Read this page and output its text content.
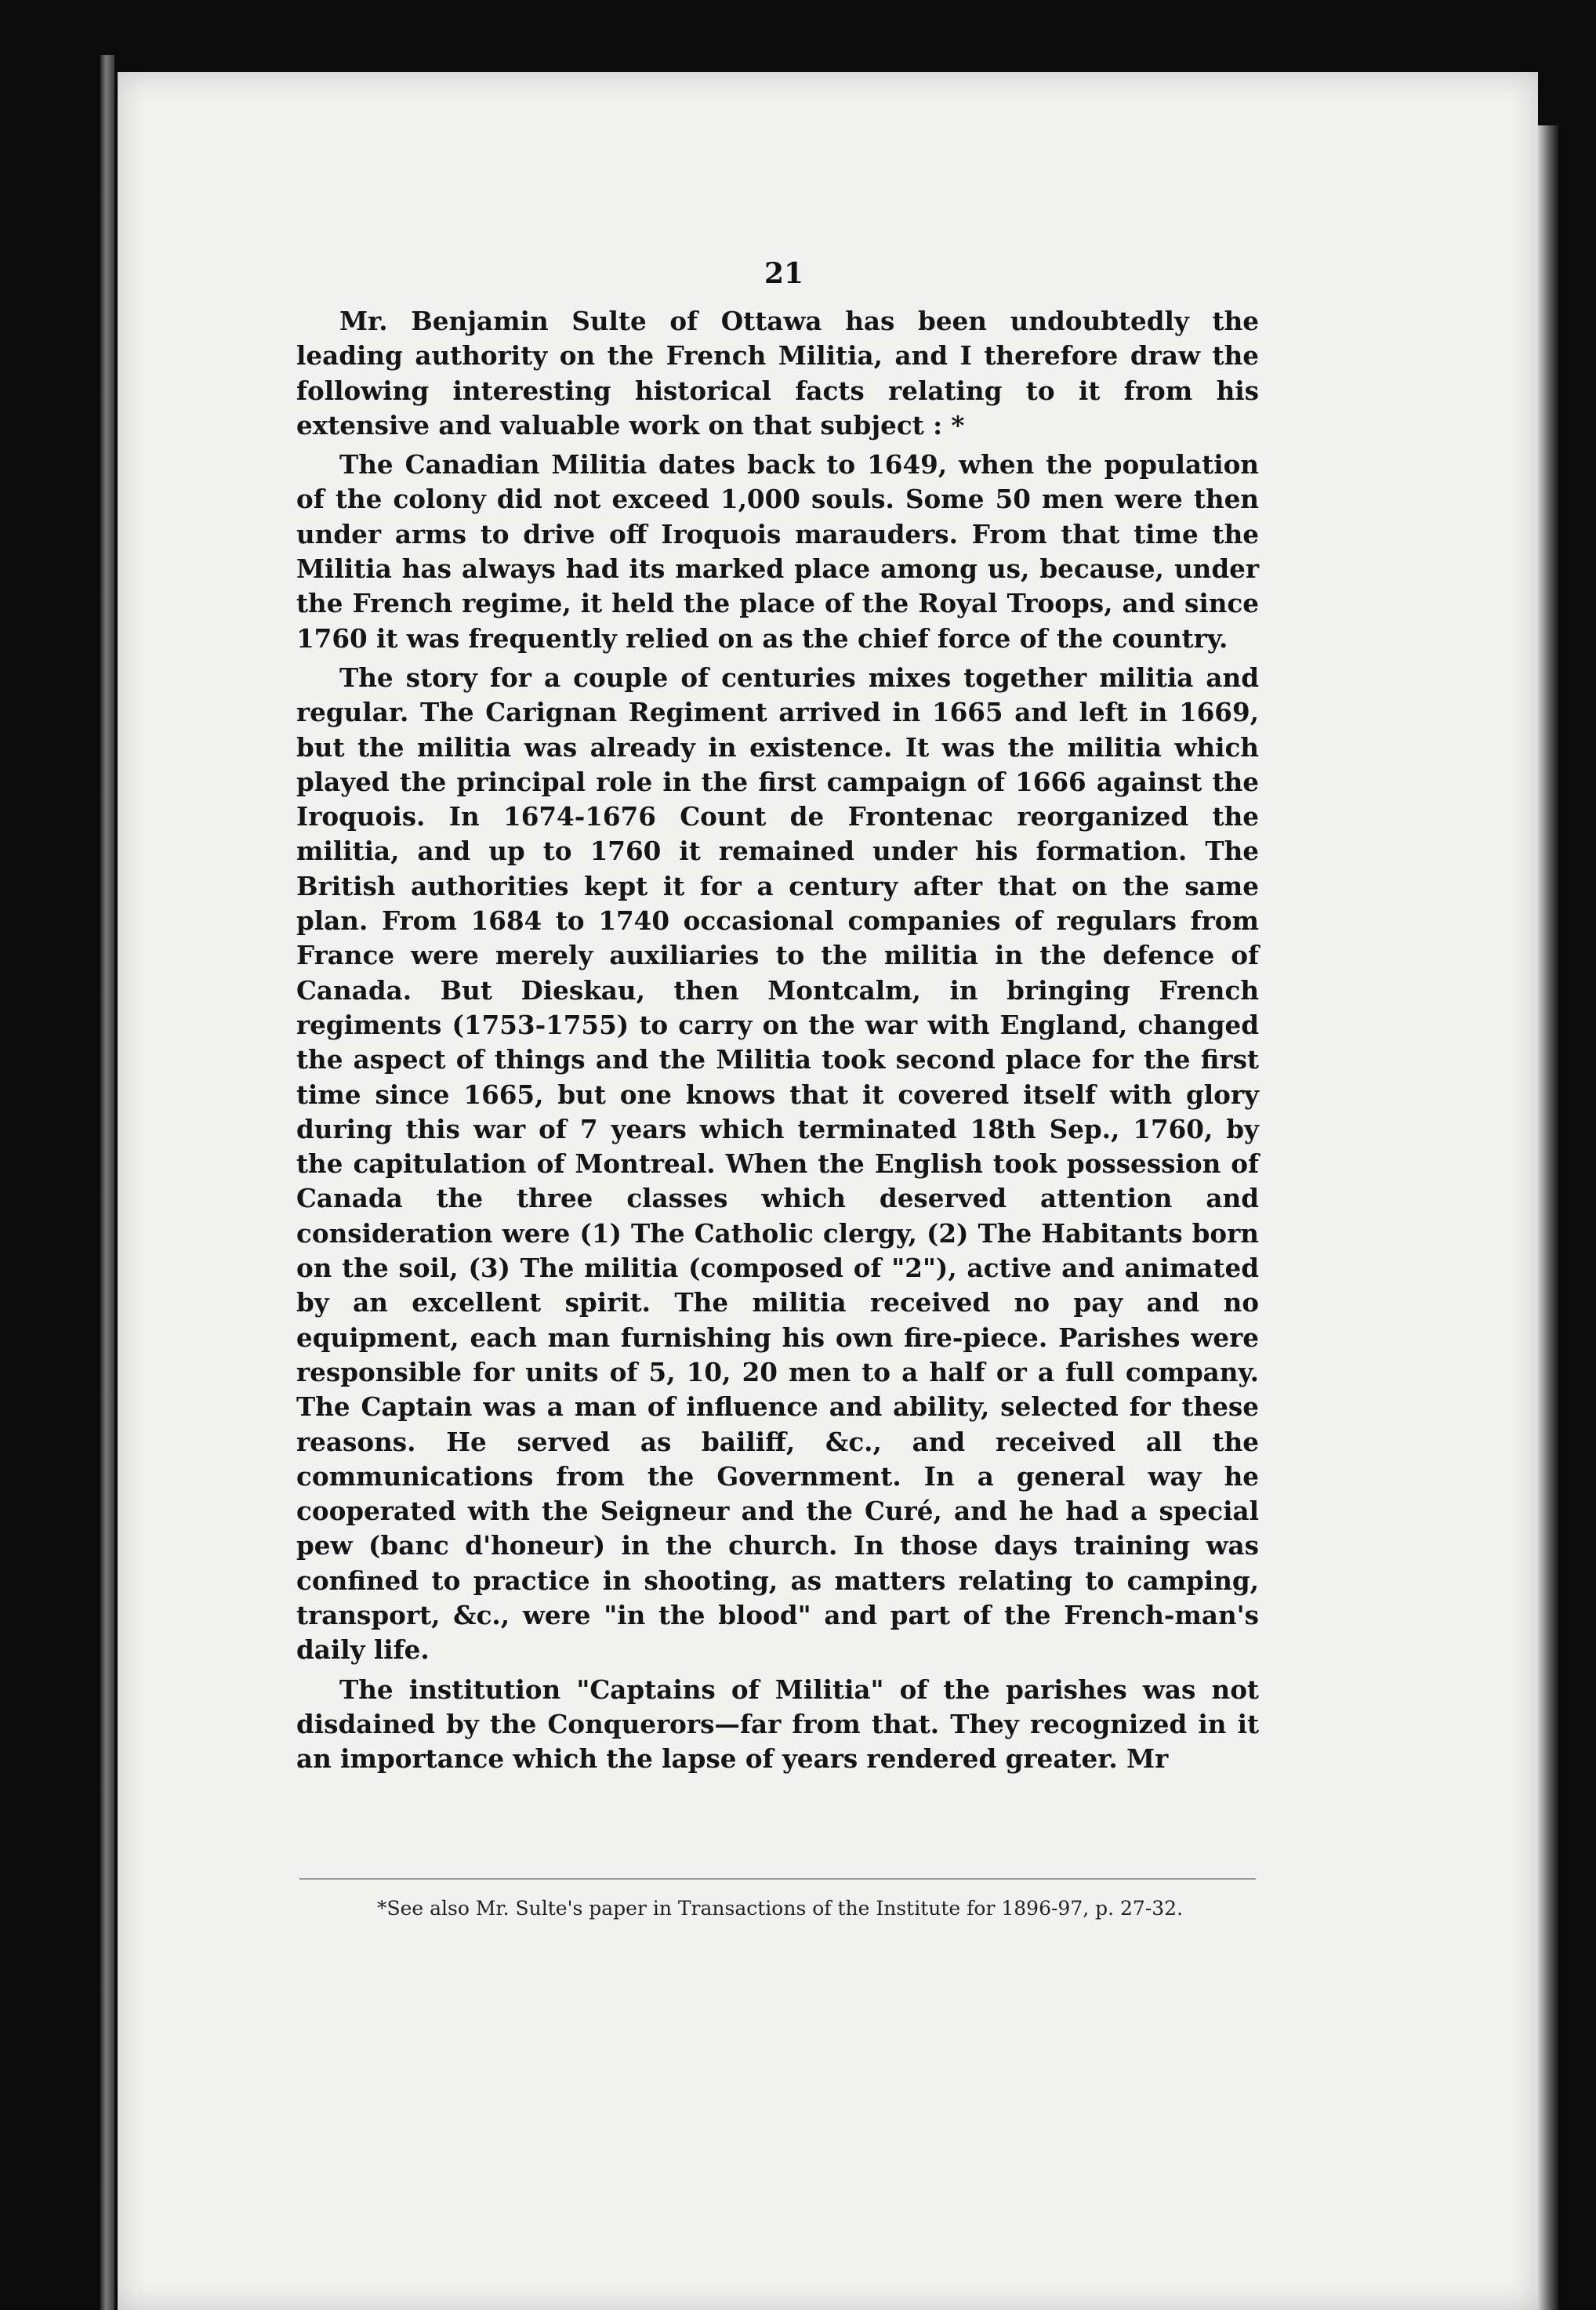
21

Mr. Benjamin Sulte of Ottawa has been undoubtedly the leading authority on the French Militia, and I therefore draw the following interesting historical facts relating to it from his extensive and valuable work on that subject : *

The Canadian Militia dates back to 1649, when the population of the colony did not exceed 1,000 souls. Some 50 men were then under arms to drive off Iroquois marauders. From that time the Militia has always had its marked place among us, because, under the French regime, it held the place of the Royal Troops, and since 1760 it was frequently relied on as the chief force of the country.

The story for a couple of centuries mixes together militia and regular. The Carignan Regiment arrived in 1665 and left in 1669, but the militia was already in existence. It was the militia which played the principal role in the first campaign of 1666 against the Iroquois. In 1674-1676 Count de Frontenac reorganized the militia, and up to 1760 it remained under his formation. The British authorities kept it for a century after that on the same plan. From 1684 to 1740 occasional companies of regulars from France were merely auxiliaries to the militia in the defence of Canada. But Dieskau, then Montcalm, in bringing French regiments (1753-1755) to carry on the war with England, changed the aspect of things and the Militia took second place for the first time since 1665, but one knows that it covered itself with glory during this war of 7 years which terminated 18th Sep., 1760, by the capitulation of Montreal. When the English took possession of Canada the three classes which deserved attention and consideration were (1) The Catholic clergy, (2) The Habitants born on the soil, (3) The militia (composed of "2"), active and animated by an excellent spirit. The militia received no pay and no equipment, each man furnishing his own fire-piece. Parishes were responsible for units of 5, 10, 20 men to a half or a full company. The Captain was a man of influence and ability, selected for these reasons. He served as bailiff, &c., and received all the communications from the Government. In a general way he cooperated with the Seigneur and the Curé, and he had a special pew (banc d'honeur) in the church. In those days training was confined to practice in shooting, as matters relating to camping, transport, &c., were "in the blood" and part of the French-man's daily life.

The institution "Captains of Militia" of the parishes was not disdained by the Conquerors—far from that. They recognized in it an importance which the lapse of years rendered greater. Mr

*See also Mr. Sulte's paper in Transactions of the Institute for 1896-97, p. 27-32.
